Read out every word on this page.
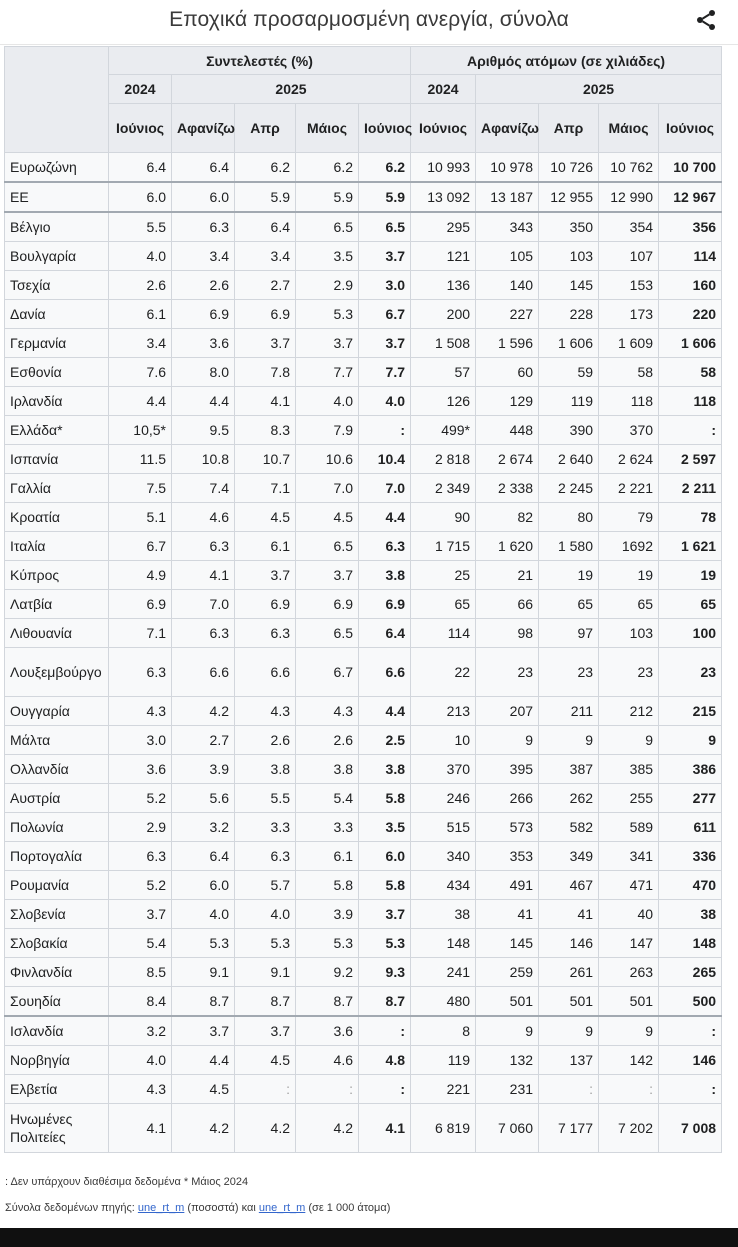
Εποχικά προσαρμοσμένη ανεργία, σύνολα
	Συντελεστές (%)					Αριθμός ατόμων (σε χιλιάδες)				
	2024	2025				2024	2025			
	Ιούνιος	Αφανίζω	Απρ	Μάιος	Ιούνιος	Ιούνιος	Αφανίζω	Απρ	Μάιος	Ιούνιος
Ευρωζώνη	6.4	6.4	6.2	6.2	6.2	10 993	10 978	10 726	10 762	10 700
ΕΕ	6.0	6.0	5.9	5.9	5.9	13 092	13 187	12 955	12 990	12 967
Βέλγιο	5.5	6.3	6.4	6.5	6.5	295	343	350	354	356
Βουλγαρία	4.0	3.4	3.4	3.5	3.7	121	105	103	107	114
Τσεχία	2.6	2.6	2.7	2.9	3.0	136	140	145	153	160
Δανία	6.1	6.9	6.9	5.3	6.7	200	227	228	173	220
Γερμανία	3.4	3.6	3.7	3.7	3.7	1 508	1 596	1 606	1 609	1 606
Εσθονία	7.6	8.0	7.8	7.7	7.7	57	60	59	58	58
Ιρλανδία	4.4	4.4	4.1	4.0	4.0	126	129	119	118	118
Ελλάδα*	10,5*	9.5	8.3	7.9	:	499*	448	390	370	:
Ισπανία	11.5	10.8	10.7	10.6	10.4	2 818	2 674	2 640	2 624	2 597
Γαλλία	7.5	7.4	7.1	7.0	7.0	2 349	2 338	2 245	2 221	2 211
Κροατία	5.1	4.6	4.5	4.5	4.4	90	82	80	79	78
Ιταλία	6.7	6.3	6.1	6.5	6.3	1 715	1 620	1 580	1692	1 621
Κύπρος	4.9	4.1	3.7	3.7	3.8	25	21	19	19	19
Λατβία	6.9	7.0	6.9	6.9	6.9	65	66	65	65	65
Λιθουανία	7.1	6.3	6.3	6.5	6.4	114	98	97	103	100
Λουξεμβούργο	6.3	6.6	6.6	6.7	6.6	22	23	23	23	23
Ουγγαρία	4.3	4.2	4.3	4.3	4.4	213	207	211	212	215
Μάλτα	3.0	2.7	2.6	2.6	2.5	10	9	9	9	9
Ολλανδία	3.6	3.9	3.8	3.8	3.8	370	395	387	385	386
Αυστρία	5.2	5.6	5.5	5.4	5.8	246	266	262	255	277
Πολωνία	2.9	3.2	3.3	3.3	3.5	515	573	582	589	611
Πορτογαλία	6.3	6.4	6.3	6.1	6.0	340	353	349	341	336
Ρουμανία	5.2	6.0	5.7	5.8	5.8	434	491	467	471	470
Σλοβενία	3.7	4.0	4.0	3.9	3.7	38	41	41	40	38
Σλοβακία	5.4	5.3	5.3	5.3	5.3	148	145	146	147	148
Φινλανδία	8.5	9.1	9.1	9.2	9.3	241	259	261	263	265
Σουηδία	8.4	8.7	8.7	8.7	8.7	480	501	501	501	500
Ισλανδία	3.2	3.7	3.7	3.6	:	8	9	9	9	:
Νορβηγία	4.0	4.4	4.5	4.6	4.8	119	132	137	142	146
Ελβετία	4.3	4.5	:	:	:	221	231	:	:	:
Ηνωμένες Πολιτείες	4.1	4.2	4.2	4.2	4.1	6 819	7 060	7 177	7 202	7 008
: Δεν υπάρχουν διαθέσιμα δεδομένα * Μάιος 2024
Σύνολα δεδομένων πηγής: une_rt_m (ποσοστά) και une_rt_m (σε 1 000 άτομα)
